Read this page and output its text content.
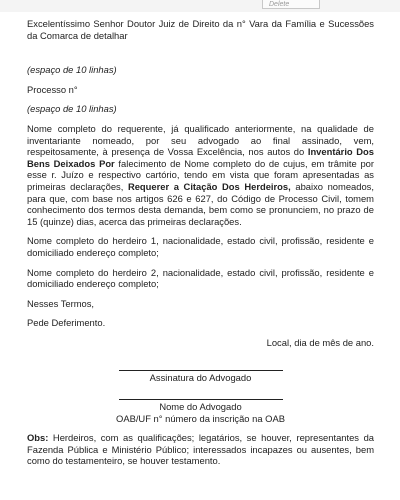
Delete

Excelentíssimo Senhor Doutor Juiz de Direito da n° Vara da Família e Sucessões da Comarca de detalhar

(espaço de 10 linhas)

Processo n°

(espaço de 10 linhas)

Nome completo do requerente, já qualificado anteriormente, na qualidade de inventariante nomeado, por seu advogado ao final assinado, vem, respeitosamente, à presença de Vossa Excelência, nos autos do Inventário Dos Bens Deixados Por falecimento de Nome completo do de cujus, em trâmite por esse r. Juízo e respectivo cartório, tendo em vista que foram apresentadas as primeiras declarações, Requerer a Citação Dos Herdeiros, abaixo nomeados, para que, com base nos artigos 626 e 627, do Código de Processo Civil, tomem conhecimento dos termos desta demanda, bem como se pronunciem, no prazo de 15 (quinze) dias, acerca das primeiras declarações.

Nome completo do herdeiro 1, nacionalidade, estado civil, profissão, residente e domiciliado endereço completo;

Nome completo do herdeiro 2, nacionalidade, estado civil, profissão, residente e domiciliado endereço completo;

Nesses Termos,

Pede Deferimento.

Local, dia de mês de ano.

Assinatura do Advogado

Nome do Advogado

OAB/UF n° número da inscrição na OAB

Obs: Herdeiros, com as qualificações; legatários, se houver, representantes da Fazenda Pública e Ministério Público; interessados incapazes ou ausentes, bem como do testamenteiro, se houver testamento.
